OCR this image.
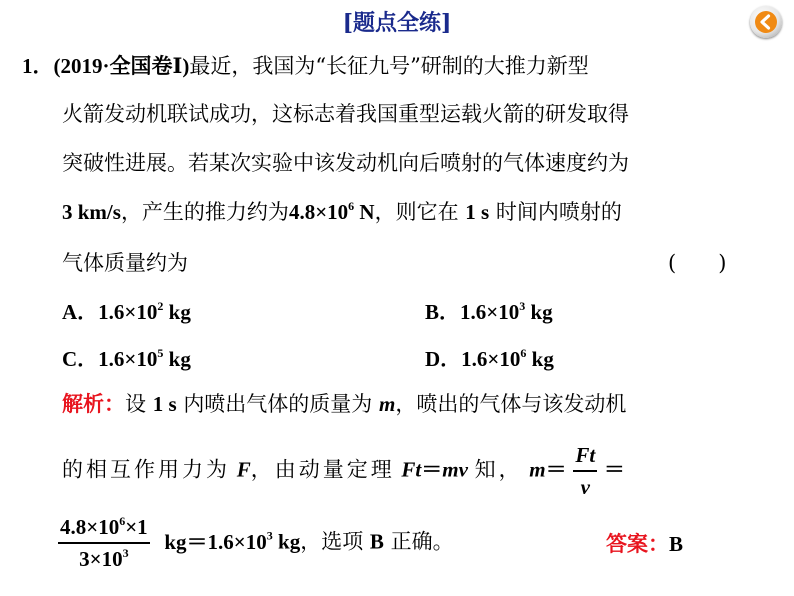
[题点全练]
1．(2019·全国卷Ⅰ)最近，我国为“长征九号”研制的大推力新型
火箭发动机联试成功，这标志着我国重型运载火箭的研发取得
突破性进展。若某次实验中该发动机向后喷射的气体速度约为
3 km/s，产生的推力约为$4.8\times 10^6$ N，则它在 1 s 时间内喷射的
气体质量约为	(　　)
A．$1.6\times 10^2$ kg	B．$1.6\times 10^3$ kg
C．$1.6\times 10^5$ kg	D．$1.6\times 10^6$ kg
解析：设 1 s 内喷出气体的质量为 m，喷出的气体与该发动机
的相互作用力为 F，由动量定理 Ft＝mv 知， $m= \frac{Ft}{v}$ ＝
$\frac{4.8\times 10^6\times 1}{3\times 10^3} kg=1.6\times 10^3$ kg，选项 B 正确。	答案：B
